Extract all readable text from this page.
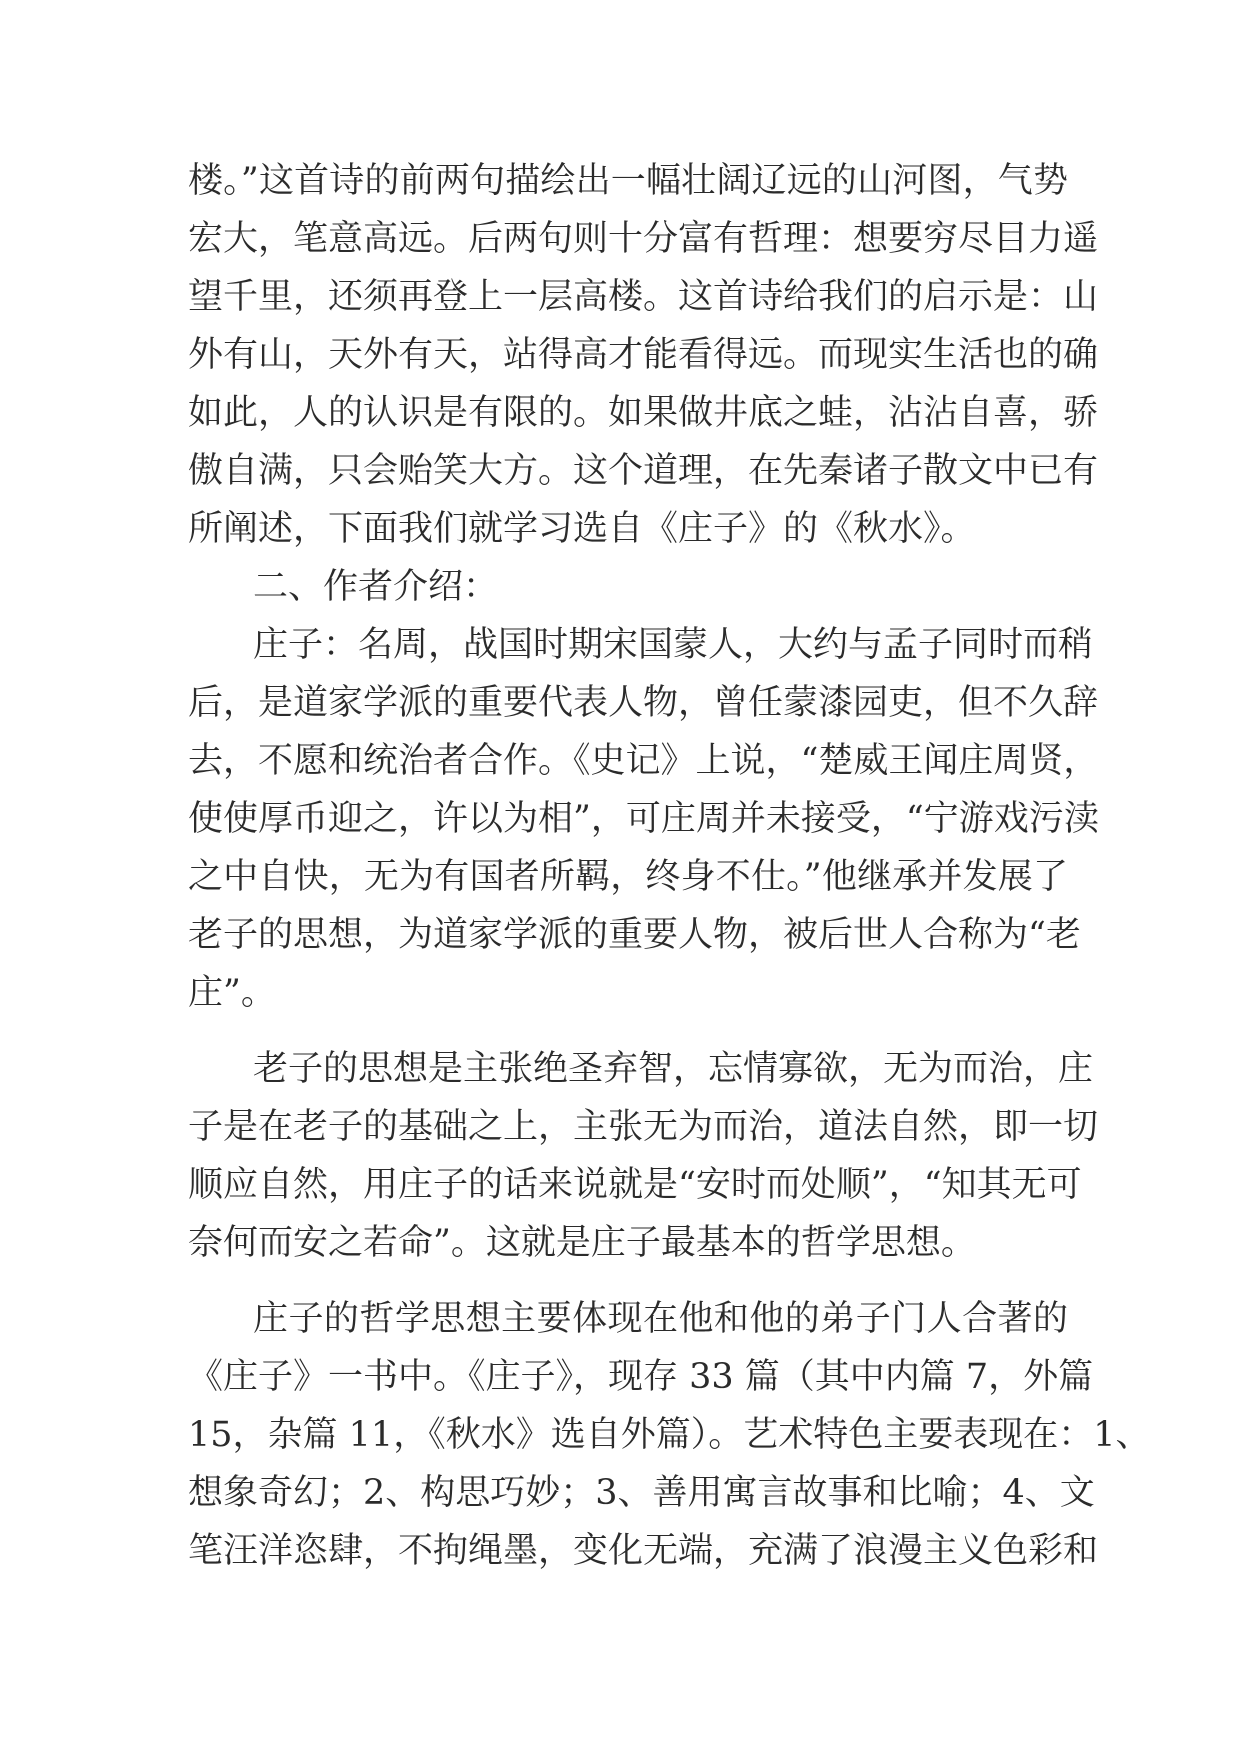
楼。”这首诗的前两句描绘出一幅壮阔辽远的山河图，气势

宏大，笔意高远。后两句则十分富有哲理：想要穷尽目力遥

望千里，还须再登上一层高楼。这首诗给我们的启示是：山

外有山，天外有天，站得高才能看得远。而现实生活也的确

如此，人的认识是有限的。如果做井底之蛙，沾沾自喜，骄

傲自满，只会贻笑大方。这个道理，在先秦诸子散文中已有

所阐述，下面我们就学习选自《庄子》的《秋水》。

二、作者介绍：

庄子：名周，战国时期宋国蒙人，大约与孟子同时而稍

后，是道家学派的重要代表人物，曾任蒙漆园吏，但不久辞

去，不愿和统治者合作。《史记》上说，“楚威王闻庄周贤，

使使厚币迎之，许以为相”，可庄周并未接受，“宁游戏污渎

之中自快，无为有国者所羁，终身不仕。”他继承并发展了

老子的思想，为道家学派的重要人物，被后世人合称为“老

庄”。

老子的思想是主张绝圣弃智，忘情寡欲，无为而治，庄

子是在老子的基础之上，主张无为而治，道法自然，即一切

顺应自然，用庄子的话来说就是“安时而处顺”，“知其无可

奈何而安之若命”。这就是庄子最基本的哲学思想。

庄子的哲学思想主要体现在他和他的弟子门人合著的

《庄子》一书中。《庄子》，现存 33 篇（其中内篇 7，外篇

15，杂篇 11，《秋水》选自外篇）。艺术特色主要表现在：1、

想象奇幻；2、构思巧妙；3、善用寓言故事和比喻；4、文

笔汪洋恣肆，不拘绳墨，变化无端，充满了浪漫主义色彩和
